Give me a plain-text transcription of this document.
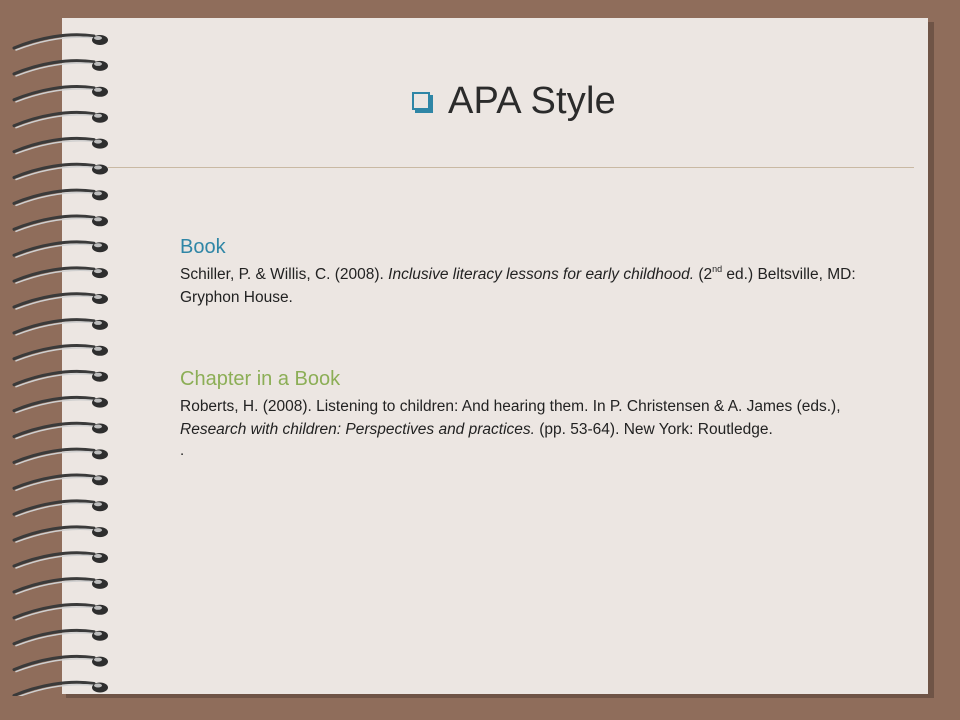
APA Style
Book
Schiller, P. & Willis, C. (2008). Inclusive literacy lessons for early childhood. (2nd ed.) Beltsville, MD: Gryphon House.
Chapter in a Book
Roberts, H. (2008). Listening to children: And hearing them. In P. Christensen & A. James (eds.), Research with children: Perspectives and practices. (pp. 53-64). New York: Routledge.
.
